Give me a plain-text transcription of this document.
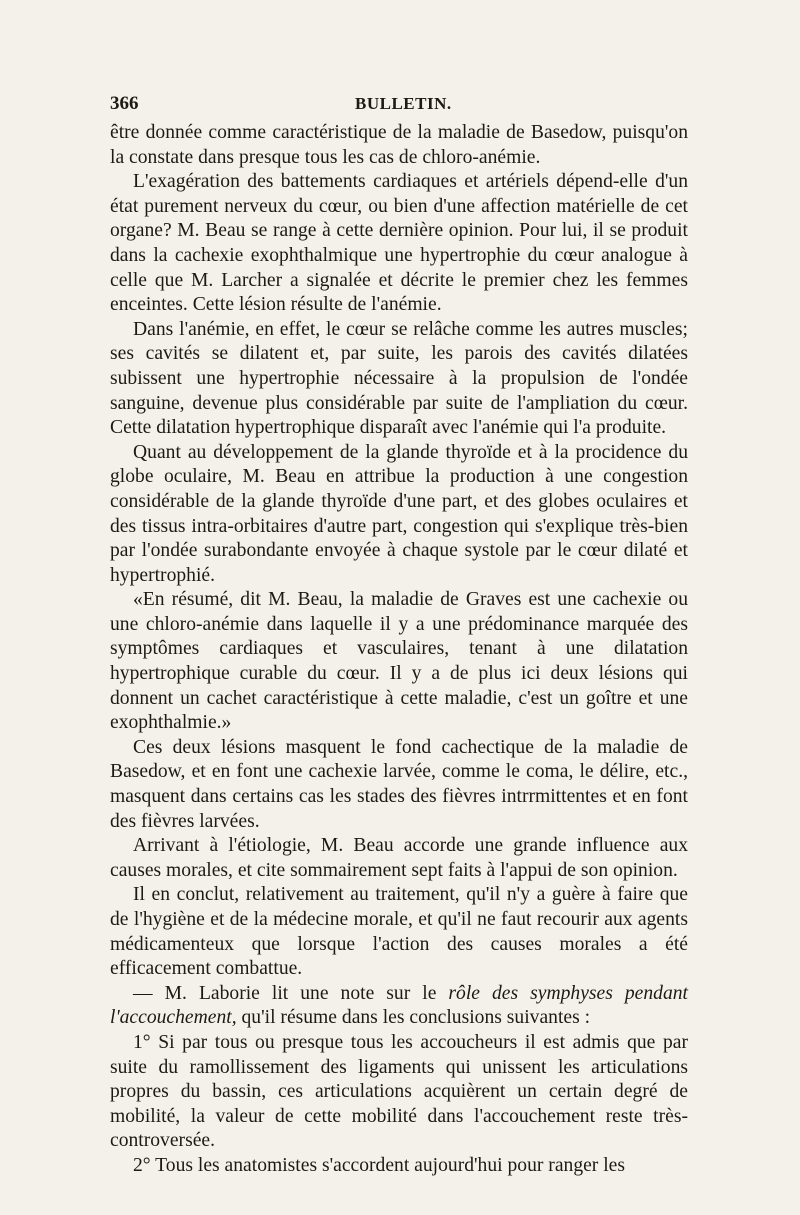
366	BULLETIN.

être donnée comme caractéristique de la maladie de Basedow, puisqu'on la constate dans presque tous les cas de chloro-anémie.

L'exagération des battements cardiaques et artériels dépend-elle d'un état purement nerveux du cœur, ou bien d'une affection matérielle de cet organe? M. Beau se range à cette dernière opinion. Pour lui, il se produit dans la cachexie exophthalmique une hypertrophie du cœur analogue à celle que M. Larcher a signalée et décrite le premier chez les femmes enceintes. Cette lésion résulte de l'anémie.

Dans l'anémie, en effet, le cœur se relâche comme les autres muscles; ses cavités se dilatent et, par suite, les parois des cavités dilatées subissent une hypertrophie nécessaire à la propulsion de l'ondée sanguine, devenue plus considérable par suite de l'ampliation du cœur. Cette dilatation hypertrophique disparaît avec l'anémie qui l'a produite.

Quant au développement de la glande thyroïde et à la procidence du globe oculaire, M. Beau en attribue la production à une congestion considérable de la glande thyroïde d'une part, et des globes oculaires et des tissus intra-orbitaires d'autre part, congestion qui s'explique très-bien par l'ondée surabondante envoyée à chaque systole par le cœur dilaté et hypertrophié.

«En résumé, dit M. Beau, la maladie de Graves est une cachexie ou une chloro-anémie dans laquelle il y a une prédominance marquée des symptômes cardiaques et vasculaires, tenant à une dilatation hypertrophique curable du cœur. Il y a de plus ici deux lésions qui donnent un cachet caractéristique à cette maladie, c'est un goître et une exophthalmie.»

Ces deux lésions masquent le fond cachectique de la maladie de Basedow, et en font une cachexie larvée, comme le coma, le délire, etc., masquent dans certains cas les stades des fièvres intrrmittentes et en font des fièvres larvées.

Arrivant à l'étiologie, M. Beau accorde une grande influence aux causes morales, et cite sommairement sept faits à l'appui de son opinion.

Il en conclut, relativement au traitement, qu'il n'y a guère à faire que de l'hygiène et de la médecine morale, et qu'il ne faut recourir aux agents médicamenteux que lorsque l'action des causes morales a été efficacement combattue.

— M. Laborie lit une note sur le rôle des symphyses pendant l'accouchement, qu'il résume dans les conclusions suivantes :

1° Si par tous ou presque tous les accoucheurs il est admis que par suite du ramollissement des ligaments qui unissent les articulations propres du bassin, ces articulations acquièrent un certain degré de mobilité, la valeur de cette mobilité dans l'accouchement reste très-controversée.

2° Tous les anatomistes s'accordent aujourd'hui pour ranger les
